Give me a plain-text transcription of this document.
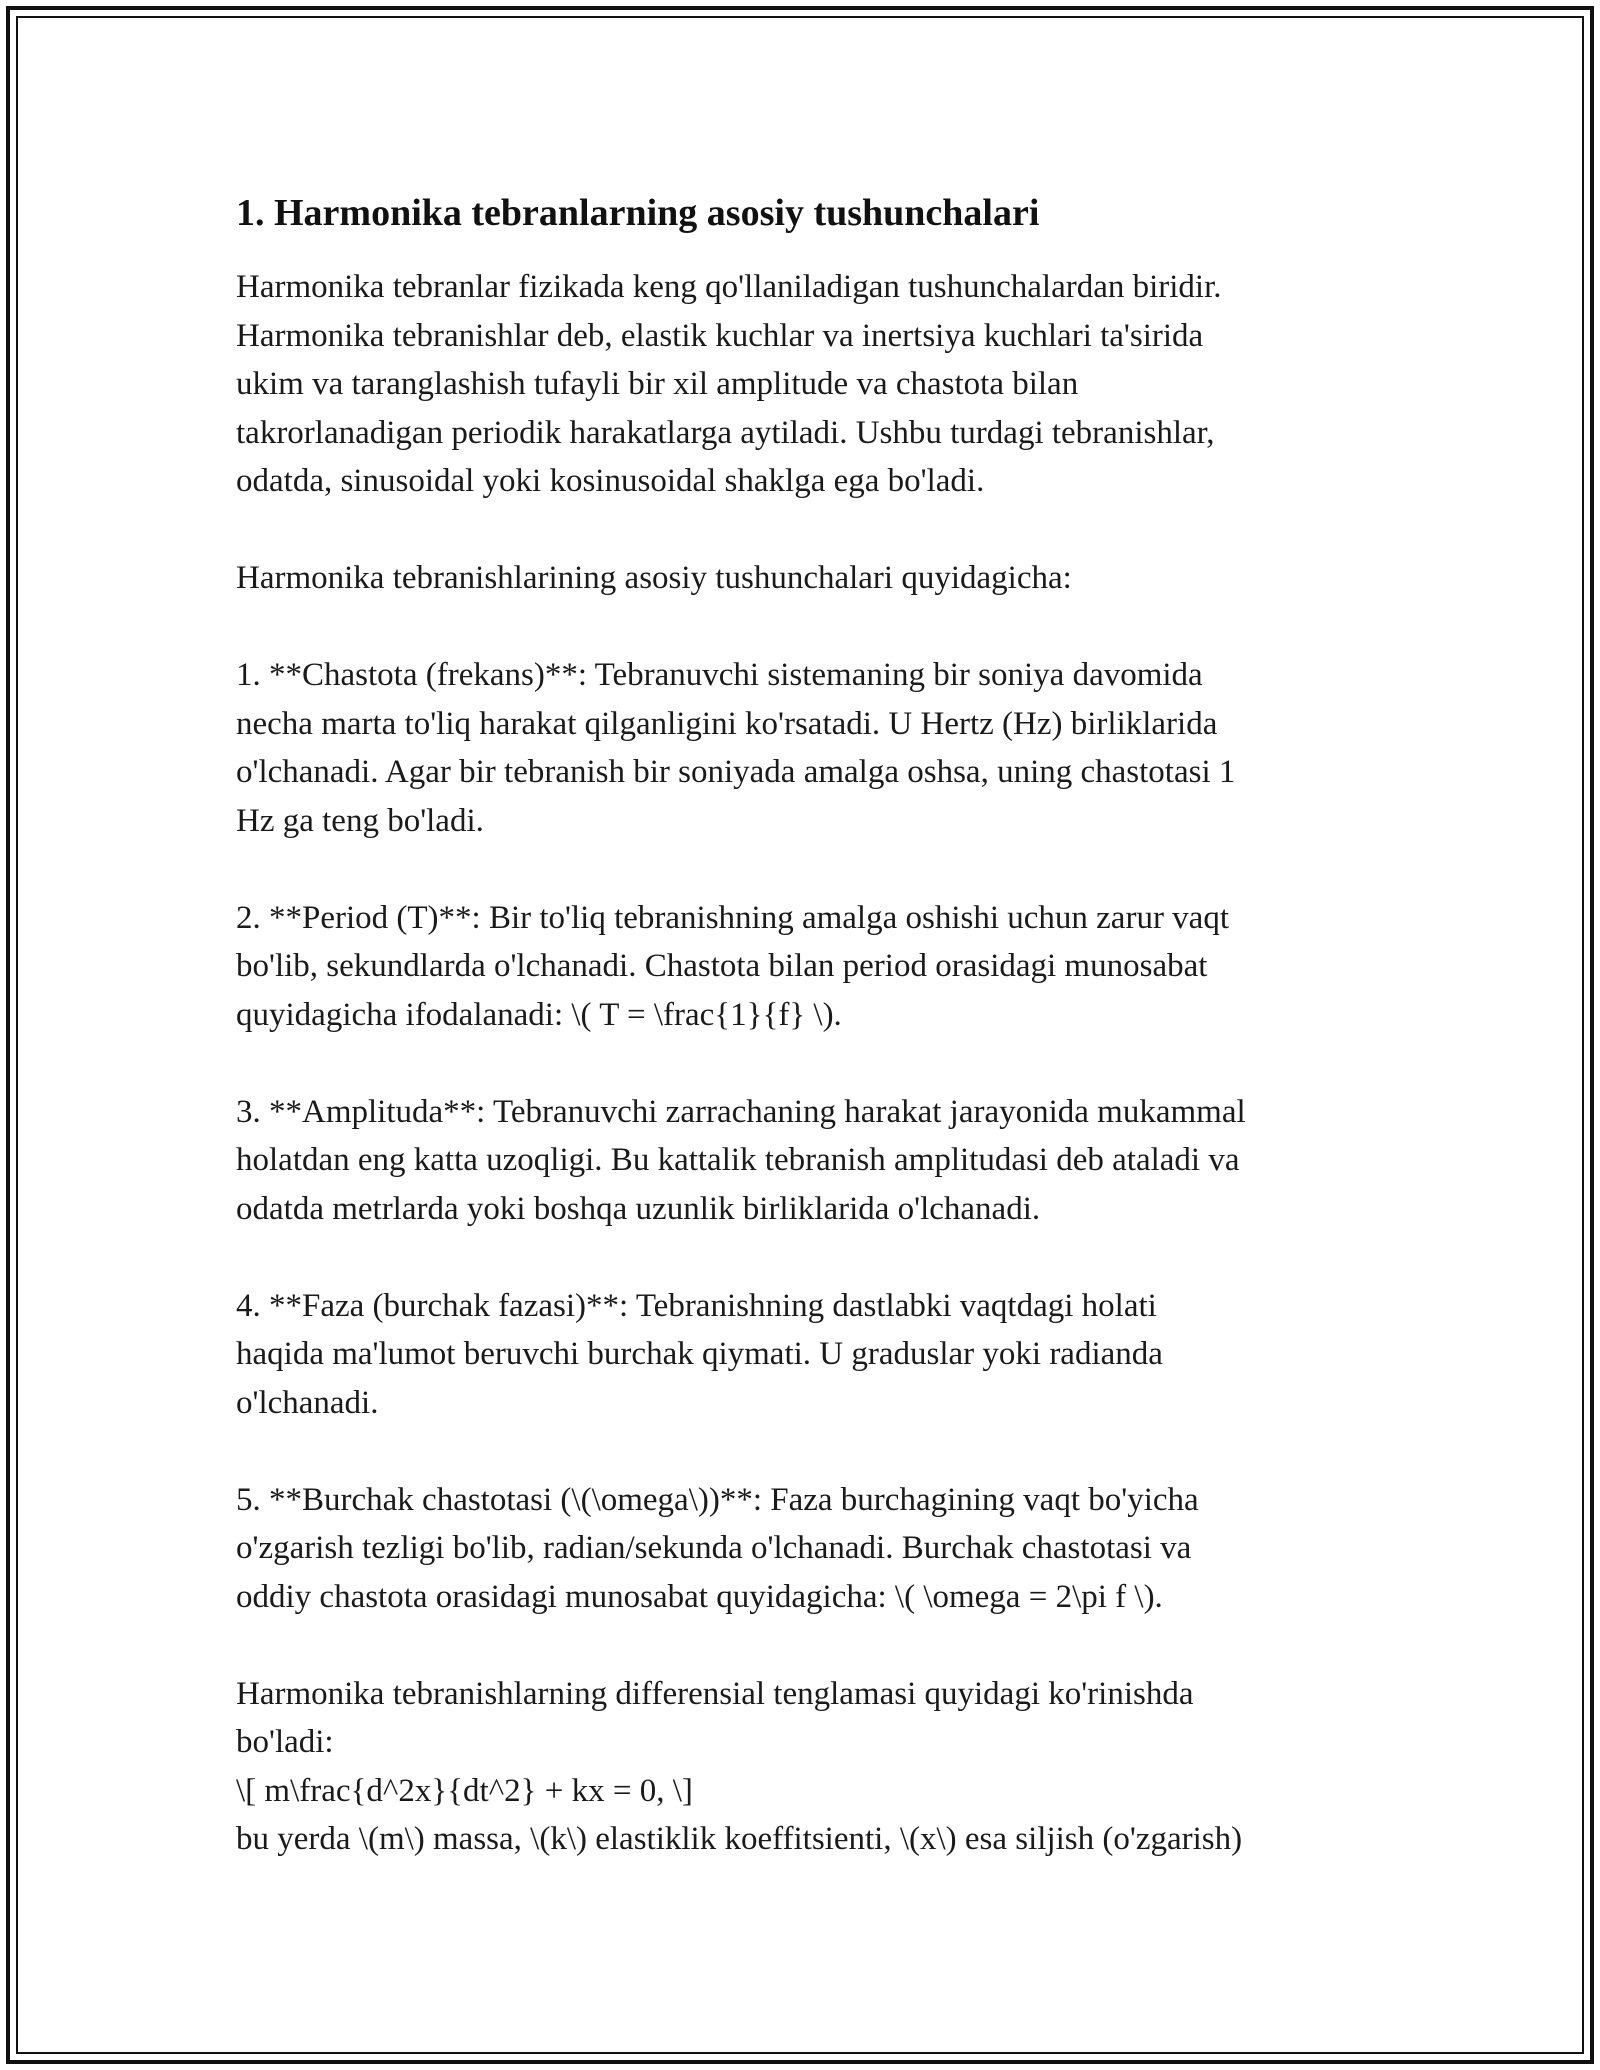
1. Harmonika tebranlarning asosiy tushunchalari

Harmonika tebranlar fizikada keng qo'llaniladigan tushunchalardan biridir.
Harmonika tebranishlar deb, elastik kuchlar va inertsiya kuchlari ta'sirida
ukim va taranglashish tufayli bir xil amplitude va chastota bilan
takrorlanadigan periodik harakatlarga aytiladi. Ushbu turdagi tebranishlar,
odatda, sinusoidal yoki kosinusoidal shaklga ega bo'ladi.

Harmonika tebranishlarining asosiy tushunchalari quyidagicha:

1. **Chastota (frekans)**: Tebranuvchi sistemaning bir soniya davomida
necha marta to'liq harakat qilganligini ko'rsatadi. U Hertz (Hz) birliklarida
o'lchanadi. Agar bir tebranish bir soniyada amalga oshsa, uning chastotasi 1
Hz ga teng bo'ladi.

2. **Period (T)**: Bir to'liq tebranishning amalga oshishi uchun zarur vaqt
bo'lib, sekundlarda o'lchanadi. Chastota bilan period orasidagi munosabat
quyidagicha ifodalanadi: \( T = \frac{1}{f} \).

3. **Amplituda**: Tebranuvchi zarrachaning harakat jarayonida mukammal
holatdan eng katta uzoqligi. Bu kattalik tebranish amplitudasi deb ataladi va
odatda metrlarda yoki boshqa uzunlik birliklarida o'lchanadi.

4. **Faza (burchak fazasi)**: Tebranishning dastlabki vaqtdagi holati
haqida ma'lumot beruvchi burchak qiymati. U graduslar yoki radianda
o'lchanadi.

5. **Burchak chastotasi (\(\omega\))**: Faza burchagining vaqt bo'yicha
o'zgarish tezligi bo'lib, radian/sekunda o'lchanadi. Burchak chastotasi va
oddiy chastota orasidagi munosabat quyidagicha: \( \omega = 2\pi f \).

Harmonika tebranishlarning differensial tenglamasi quyidagi ko'rinishda
bo'ladi:
\[ m\frac{d^2x}{dt^2} + kx = 0, \]
bu yerda \(m\) massa, \(k\) elastiklik koeffitsienti, \(x\) esa siljish (o'zgarish)
